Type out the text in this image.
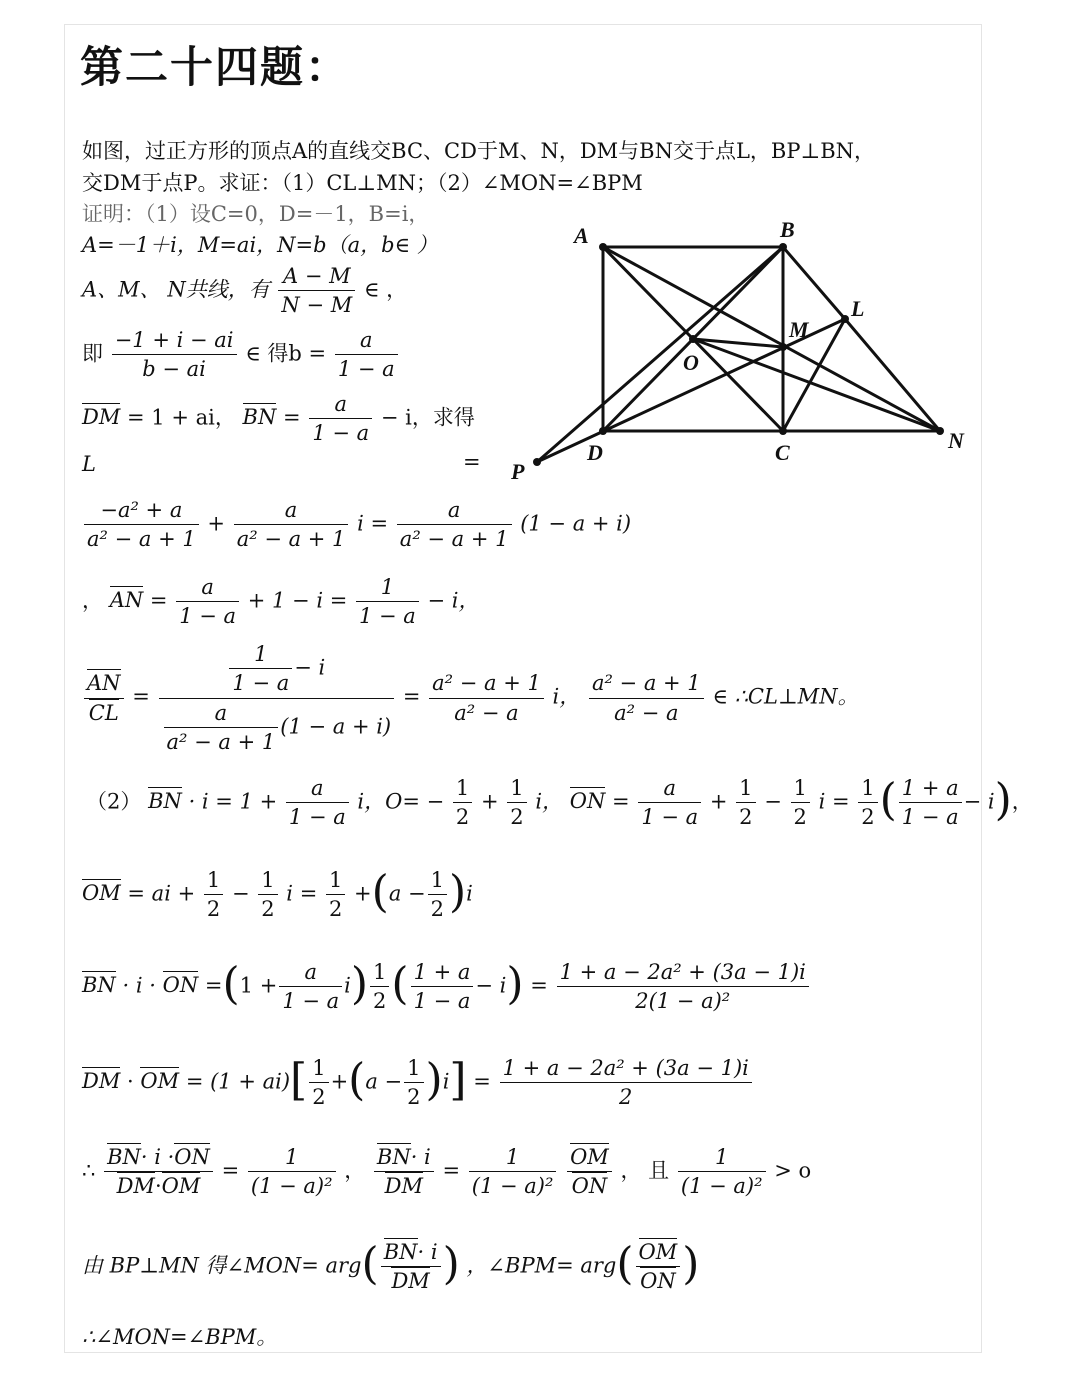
第二十四题：
如图，过正方形的顶点A的直线交BC、CD于M、N，DM与BN交于点L，BP⊥BN，
交DM于点P。求证：（1）CL⊥MN；（2）∠MON=∠BPM
证明：（1）设C=0，D=－1，B=i，
A=－1＋i，M=ai，N=b（a，b∈ ）
A、M、 N共线，有 $\frac{A - M}{N - M}$ ∈ ，
即 $\frac{-1 + i - ai}{b - ai}$ ∈ 得$b = \frac{a}{1 - a}$
DM = 1 + ai， BN = $\frac{a}{1 - a} - i$，求得
L	=
$\frac{\text{−a² + a}}{\text{a² − a + 1}} + \frac{a}{\text{a² − a + 1}}$ $i = \frac{a}{\text{a² − a + 1}} (1 - a + i)$
， AN = $\frac{a}{1 - a} + 1 - i = \frac{1}{1 - a} - i$，
$\frac{AN}{CL} = \frac{\frac{1}{1 - a} - i}{\frac{a}{\text{a² − a + 1}} (1 - a + i)} = \frac{\text{a² − a + 1}}{\text{a² − a}}$ i， $\frac{\text{a² − a + 1}}{\text{a² − a}}$ ∈ ∴CL⊥MN。
（2） BN · $i = 1 + \frac{a}{1 - a}$ i，$O= - \frac{1}{2} + \frac{1}{2}$ i， ON = $\frac{a}{1 - a} + \frac{1}{2} - \frac{1}{2}$ $i = \frac{1}{2}$ ( $\frac{1 + a}{1 - a} - i$)，
OM = ai + $\frac{1}{2} - \frac{1}{2}$ $i = \frac{1}{2} +(a - \frac{1}{2} )i$
BN · i · ON $=(1 + \frac{a}{1 - a} i) \frac{1}{2}$ ( $\frac{1 + a}{1 - a} - i) = \frac{\text{1 + a − 2a² + (3a − 1)i}}{\text{2(1 − a)²}}$
DM · OM = $(1 + ai)[ \frac{1}{2} +(a - \frac{1}{2} )i] = \frac{\text{1 + a − 2a² + (3a − 1)i}}{2}$
∴ $\frac{BN\cdot i \cdot ON}{DM\cdot OM} = \frac{1}{\text{(1 − a)²}}$ ， $\frac{BN\cdot i}{DM} = \frac{1}{\text{(1 − a)²}}$
$\frac{OM}{ON}$ ， 且 $\frac{1}{\text{(1 − a)²}} > o$
由 BP⊥MN 得∠MON= $arg( \frac{BN\cdot i}{DM}$ ) ，∠BPM= $arg( \frac{OM}{ON}$ )
∴∠MON=∠BPM。
A	B
C
D
M
N
L
O
P
